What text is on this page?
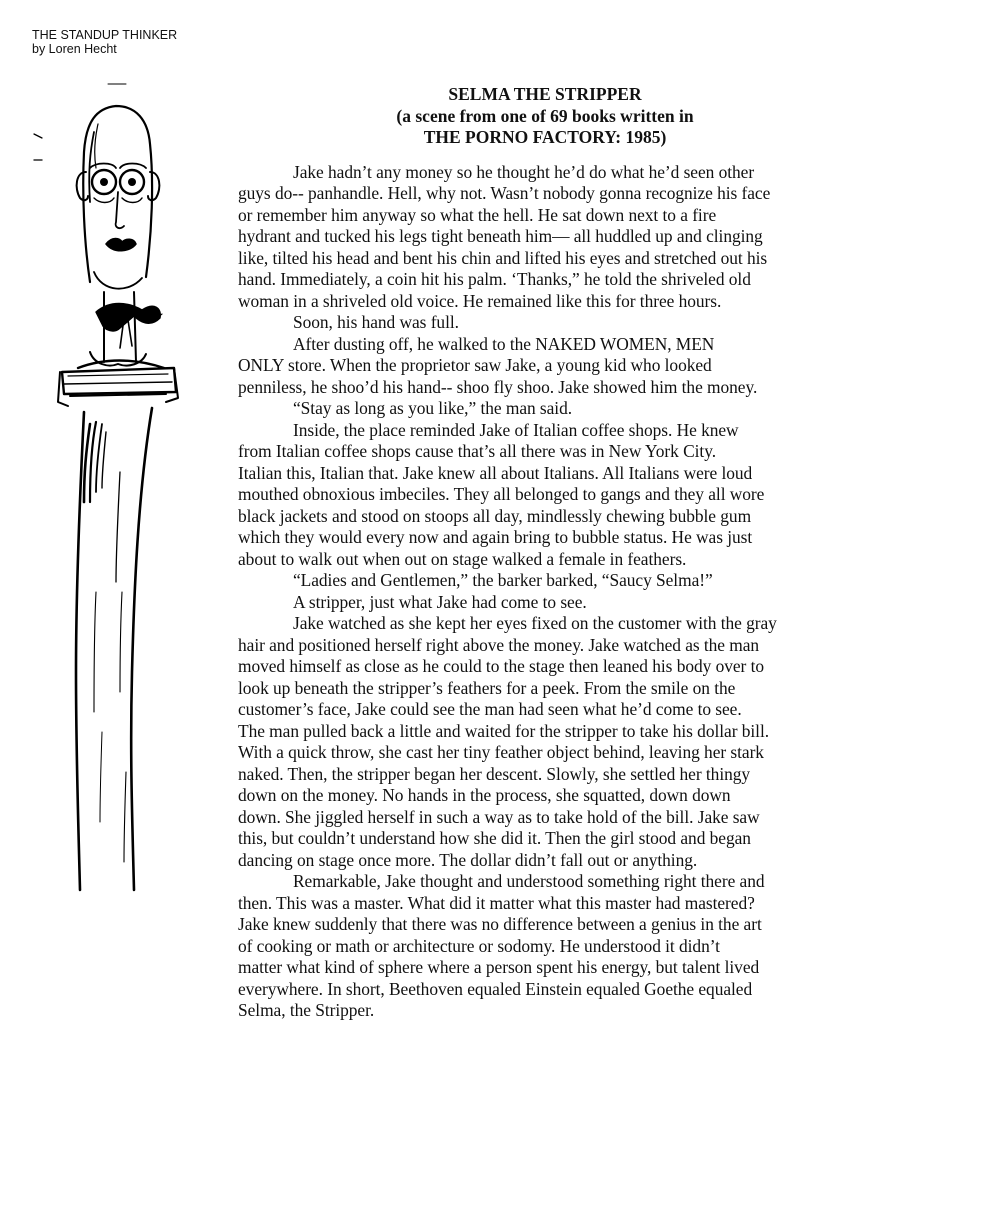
THE STANDUP THINKER
by Loren Hecht
SELMA THE STRIPPER
(a scene from one of 69 books written in
THE PORNO FACTORY: 1985)
Jake hadn’t any money so he thought he’d do what he’d seen other
guys do-- panhandle. Hell, why not. Wasn’t nobody gonna recognize his face
or remember him anyway so what the hell. He sat down next to a fire
hydrant and tucked his legs tight beneath him— all huddled up and clinging
like, tilted his head and bent his chin and lifted his eyes and stretched out his
hand. Immediately, a coin hit his palm. ‘Thanks,” he told the shriveled old
woman in a shriveled old voice. He remained like this for three hours.
Soon, his hand was full.
After dusting off, he walked to the NAKED WOMEN, MEN
ONLY store. When the proprietor saw Jake, a young kid who looked
penniless, he shoo’d his hand-- shoo fly shoo. Jake showed him the money.
“Stay as long as you like,” the man said.
Inside, the place reminded Jake of Italian coffee shops. He knew
from Italian coffee shops cause that’s all there was in New York City.
Italian this, Italian that. Jake knew all about Italians. All Italians were loud
mouthed obnoxious imbeciles. They all belonged to gangs and they all wore
black jackets and stood on stoops all day, mindlessly chewing bubble gum
which they would every now and again bring to bubble status. He was just
about to walk out when out on stage walked a female in feathers.
“Ladies and Gentlemen,” the barker barked, “Saucy Selma!”
A stripper, just what Jake had come to see.
Jake watched as she kept her eyes fixed on the customer with the gray
hair and positioned herself right above the money. Jake watched as the man
moved himself as close as he could to the stage then leaned his body over to
look up beneath the stripper’s feathers for a peek. From the smile on the
customer’s face, Jake could see the man had seen what he’d come to see.
The man pulled back a little and waited for the stripper to take his dollar bill.
With a quick throw, she cast her tiny feather object behind, leaving her stark
naked. Then, the stripper began her descent. Slowly, she settled her thingy
down on the money. No hands in the process, she squatted, down down
down. She jiggled herself in such a way as to take hold of the bill. Jake saw
this, but couldn’t understand how she did it. Then the girl stood and began
dancing on stage once more. The dollar didn’t fall out or anything.
Remarkable, Jake thought and understood something right there and
then. This was a master. What did it matter what this master had mastered?
Jake knew suddenly that there was no difference between a genius in the art
of cooking or math or architecture or sodomy. He understood it didn’t
matter what kind of sphere where a person spent his energy, but talent lived
everywhere. In short, Beethoven equaled Einstein equaled Goethe equaled
Selma, the Stripper.
